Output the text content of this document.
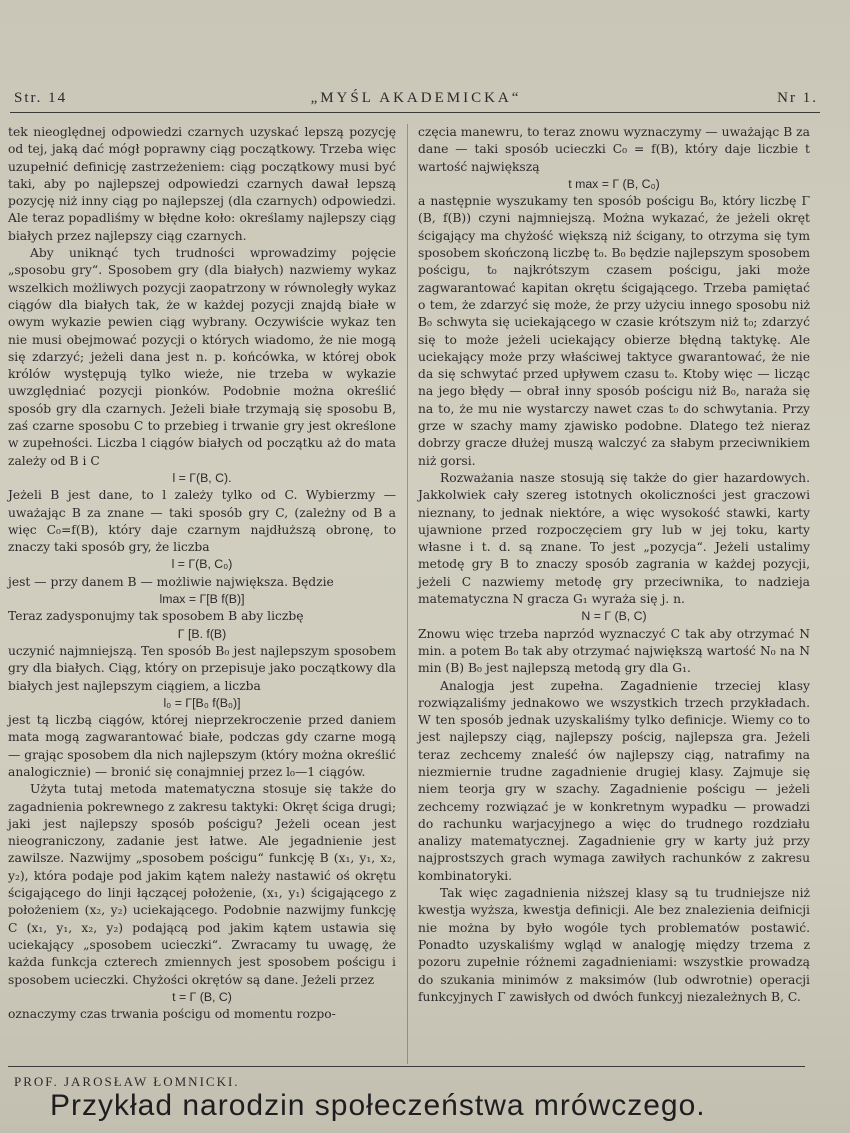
Str. 14	„MYŚL AKADEMICKA“	Nr 1.

tek nieoględnej odpowiedzi czarnych uzyskać lepszą pozycję od tej, jaką dać mógł poprawny ciąg początkowy. Trzeba więc uzupełnić definicję zastrzeżeniem: ciąg początkowy musi być taki, aby po najlepszej odpowiedzi czarnych dawał lepszą pozycję niż inny ciąg po najlepszej (dla czarnych) odpowiedzi. Ale teraz popadliśmy w błędne koło: określamy najlepszy ciąg białych przez najlepszy ciąg czarnych.

Aby uniknąć tych trudności wprowadzimy pojęcie „sposobu gry“. Sposobem gry (dla białych) nazwiemy wykaz wszelkich możliwych pozycji zaopatrzony w równoległy wykaz ciągów dla białych tak, że w każdej pozycji znajdą białe w owym wykazie pewien ciąg wybrany. Oczywiście wykaz ten nie musi obejmować pozycji o których wiadomo, że nie mogą się zdarzyć; jeżeli dana jest n. p. końcówka, w której obok królów występują tylko wieże, nie trzeba w wykazie uwzględniać pozycji pionków. Podobnie można określić sposób gry dla czarnych. Jeżeli białe trzymają się sposobu B, zaś czarne sposobu C to przebieg i trwanie gry jest określone w zupełności. Liczba l ciągów białych od początku aż do mata zależy od B i C

l = Γ(B, C).

Jeżeli B jest dane, to l zależy tylko od C. Wybierzmy — uważając B za znane — taki sposób gry C, (zależny od B a więc C₀=f(B), który daje czarnym najdłuższą obronę, to znaczy taki sposób gry, że liczba

l = Γ(B, C₀)

jest — przy danem B — możliwie największa. Będzie

lmax = Γ[B f(B)]

Teraz zadysponujmy tak sposobem B aby liczbę

Γ [B. f(B)

uczynić najmniejszą. Ten sposób B₀ jest najlepszym sposobem gry dla białych. Ciąg, który on przepisuje jako początkowy dla białych jest najlepszym ciągiem, a liczba

l₀ = Γ[B₀ f(B₀)]

jest tą liczbą ciągów, której nieprzekroczenie przed daniem mata mogą zagwarantować białe, podczas gdy czarne mogą — grając sposobem dla nich najlepszym (który można określić analogicznie) — bronić się conajmniej przez l₀—1 ciągów.

Użyta tutaj metoda matematyczna stosuje się także do zagadnienia pokrewnego z zakresu taktyki: Okręt ściga drugi; jaki jest najlepszy sposób pościgu? Jeżeli ocean jest nieograniczony, zadanie jest łatwe. Ale jegadnienie jest zawilsze. Nazwijmy „sposobem pościgu“ funkcję B (x₁, y₁, x₂, y₂), która podaje pod jakim kątem należy nastawić oś okrętu ścigającego do linji łączącej położenie, (x₁, y₁) ścigającego z położeniem (x₂, y₂) uciekającego. Podobnie nazwijmy funkcję C (x₁, y₁, x₂, y₂) podającą pod jakim kątem ustawia się uciekający „sposobem ucieczki“. Zwracamy tu uwagę, że każda funkcja czterech zmiennych jest sposobem pościgu i sposobem ucieczki. Chyżości okrętów są dane. Jeżeli przez

t = Γ (B, C)

oznaczymy czas trwania pościgu od momentu rozpo-

częcia manewru, to teraz znowu wyznaczymy — uważając B za dane — taki sposób ucieczki C₀ = f(B), który daje liczbie t wartość największą

t max = Γ (B, C₀)

a następnie wyszukamy ten sposób pościgu B₀, który liczbę Γ (B, f(B)) czyni najmniejszą. Można wykazać, że jeżeli okręt ścigający ma chyżość większą niż ścigany, to otrzyma się tym sposobem skończoną liczbę t₀. B₀ będzie najlepszym sposobem pościgu, t₀ najkrótszym czasem pościgu, jaki może zagwarantować kapitan okrętu ścigającego. Trzeba pamiętać o tem, że zdarzyć się może, że przy użyciu innego sposobu niż B₀ schwyta się uciekającego w czasie krótszym niż t₀; zdarzyć się to może jeżeli uciekający obierze błędną taktykę. Ale uciekający może przy właściwej taktyce gwarantować, że nie da się schwytać przed upływem czasu t₀. Ktoby więc — licząc na jego błędy — obrał inny sposób pościgu niż B₀, naraża się na to, że mu nie wystarczy nawet czas t₀ do schwytania. Przy grze w szachy mamy zjawisko podobne. Dlatego też nieraz dobrzy gracze dłużej muszą walczyć za słabym przeciwnikiem niż gorsi.

Rozważania nasze stosują się także do gier hazardowych. Jakkolwiek cały szereg istotnych okoliczności jest graczowi nieznany, to jednak niektóre, a więc wysokość stawki, karty ujawnione przed rozpoczęciem gry lub w jej toku, karty własne i t. d. są znane. To jest „pozycja“. Jeżeli ustalimy metodę gry B to znaczy sposób zagrania w każdej pozycji, jeżeli C nazwiemy metodę gry przeciwnika, to nadzieja matematyczna N gracza G₁ wyraża się j. n.

N = Γ (B, C)

Znowu więc trzeba naprzód wyznaczyć C tak aby otrzymać N min. a potem B₀ tak aby otrzymać największą wartość N₀ na N min (B) B₀ jest najlepszą metodą gry dla G₁.

Analogja jest zupełna. Zagadnienie trzeciej klasy rozwiązaliśmy jednakowo we wszystkich trzech przykładach. W ten sposób jednak uzyskaliśmy tylko definicje. Wiemy co to jest najlepszy ciąg, najlepszy pościg, najlepsza gra. Jeżeli teraz zechcemy znaleść ów najlepszy ciąg, natrafimy na niezmiernie trudne zagadnienie drugiej klasy. Zajmuje się niem teorja gry w szachy. Zagadnienie pościgu — jeżeli zechcemy rozwiązać je w konkretnym wypadku — prowadzi do rachunku warjacyjnego a więc do trudnego rozdziału analizy matematycznej. Zagadnienie gry w karty już przy najprostszych grach wymaga zawiłych rachunków z zakresu kombinatoryki.

Tak więc zagadnienia niższej klasy są tu trudniejsze niż kwestja wyższa, kwestja definicji. Ale bez znalezienia deifnicji nie można by było wogóle tych problematów postawić. Ponadto uzyskaliśmy wgląd w analogję między trzema z pozoru zupełnie różnemi zagadnieniami: wszystkie prowadzą do szukania minimów z maksimów (lub odwrotnie) operacji funkcyjnych Γ zawisłych od dwóch funkcyj niezależnych B, C.

PROF. JAROSŁAW ŁOMNICKI.
Przykład narodzin społeczeństwa mrówczego.
